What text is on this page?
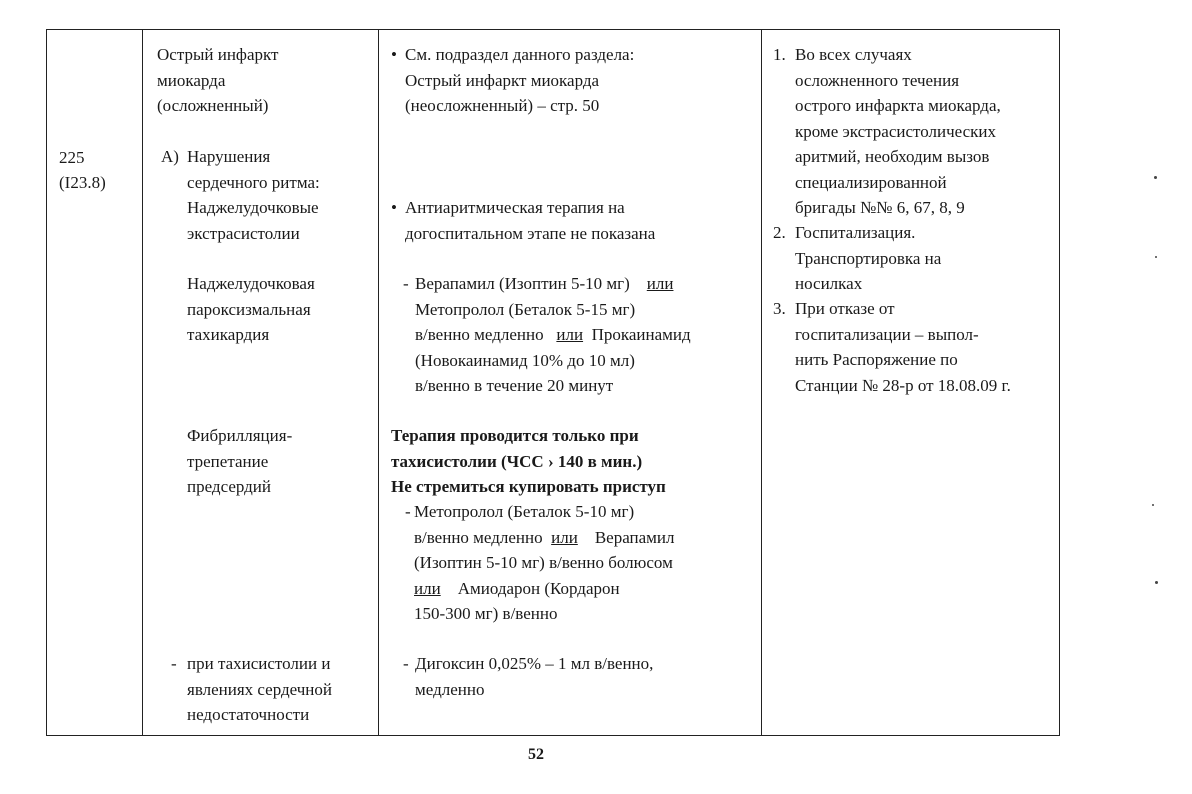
225
(I23.8)
Острый инфаркт
миокарда
(осложненный)
А) Нарушения
сердечного ритма:
Наджелудочковые
экстрасистолии
Наджелудочковая
пароксизмальная
тахикардия
Фибрилляция-
трепетание
предсердий
- при тахисистолии и
явлениях сердечной
недостаточности
• См. подраздел данного раздела:
Острый инфаркт миокарда
(неосложненный) – стр. 50
• Антиаритмическая терапия на
догоспитальном этапе не показана
- Верапамил (Изоптин 5-10 мг) или
Метопролол (Беталок 5-15 мг)
в/венно медленно или Прокаинамид
(Новокаинамид 10% до 10 мл)
в/венно в течение 20 минут
Терапия проводится только при
тахисистолии (ЧСС › 140 в мин.)
Не стремиться купировать приступ
- Метопролол (Беталок 5-10 мг)
в/венно медленно или Верапамил
(Изоптин 5-10 мг) в/венно болюсом
или Амиодарон (Кордарон
150-300 мг) в/венно
- Дигоксин 0,025% – 1 мл в/венно,
медленно
1. Во всех случаях
осложненного течения
острого инфаркта миокарда,
кроме экстрасистолических
аритмий, необходим вызов
специализированной
бригады №№ 6, 67, 8, 9
2. Госпитализация.
Транспортировка на
носилках
3. При отказе от
госпитализации – выпол-
нить Распоряжение по
Станции № 28-р от 18.08.09 г.
52
